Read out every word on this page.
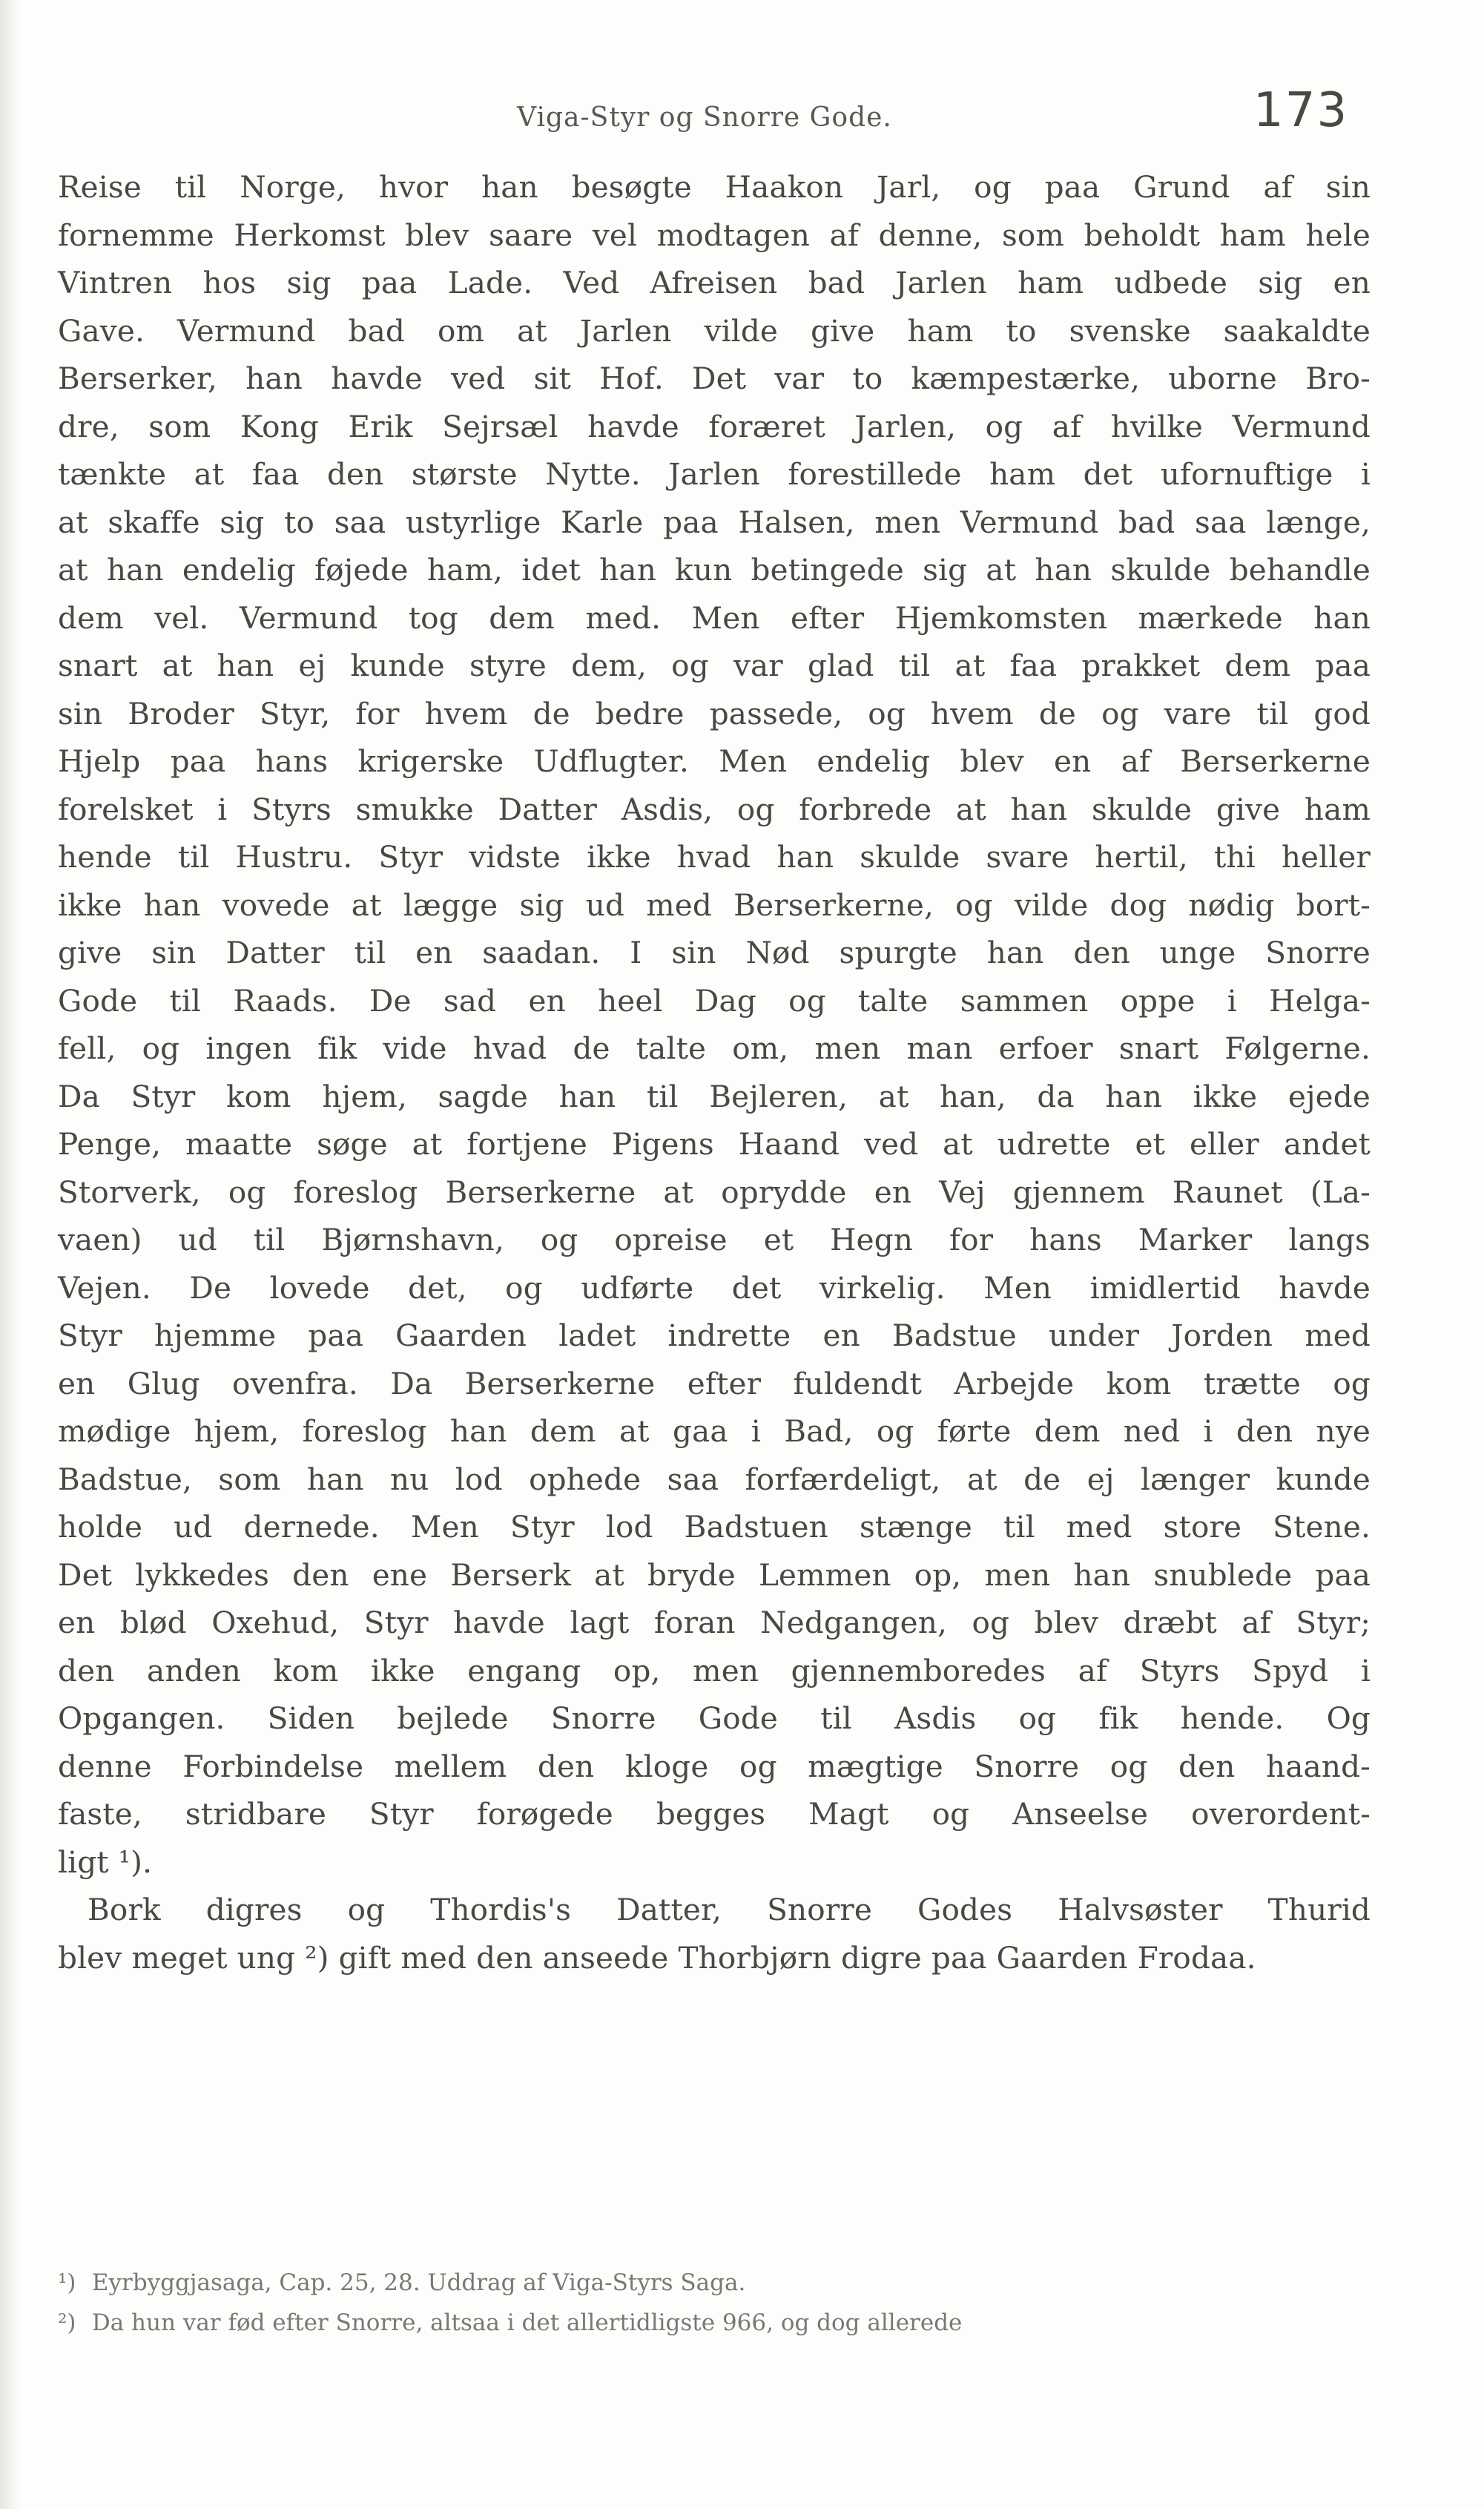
Viga-Styr og Snorre Gode.	173
Reise til Norge, hvor han besøgte Haakon Jarl, og paa Grund af sin
fornemme Herkomst blev saare vel modtagen af denne, som beholdt ham hele
Vintren hos sig paa Lade. Ved Afreisen bad Jarlen ham udbede sig en
Gave. Vermund bad om at Jarlen vilde give ham to svenske saakaldte
Berserker, han havde ved sit Hof. Det var to kæmpestærke, uborne Bro-
dre, som Kong Erik Sejrsæl havde foræret Jarlen, og af hvilke Vermund
tænkte at faa den største Nytte. Jarlen forestillede ham det ufornuftige i
at skaffe sig to saa ustyrlige Karle paa Halsen, men Vermund bad saa længe,
at han endelig føjede ham, idet han kun betingede sig at han skulde behandle
dem vel. Vermund tog dem med. Men efter Hjemkomsten mærkede han
snart at han ej kunde styre dem, og var glad til at faa prakket dem paa
sin Broder Styr, for hvem de bedre passede, og hvem de og vare til god
Hjelp paa hans krigerske Udflugter. Men endelig blev en af Berserkerne
forelsket i Styrs smukke Datter Asdis, og forbrede at han skulde give ham
hende til Hustru. Styr vidste ikke hvad han skulde svare hertil, thi heller
ikke han vovede at lægge sig ud med Berserkerne, og vilde dog nødig bort-
give sin Datter til en saadan. I sin Nød spurgte han den unge Snorre
Gode til Raads. De sad en heel Dag og talte sammen oppe i Helga-
fell, og ingen fik vide hvad de talte om, men man erfoer snart Følgerne.
Da Styr kom hjem, sagde han til Bejleren, at han, da han ikke ejede
Penge, maatte søge at fortjene Pigens Haand ved at udrette et eller andet
Storverk, og foreslog Berserkerne at oprydde en Vej gjennem Raunet (La-
vaen) ud til Bjørnshavn, og opreise et Hegn for hans Marker langs
Vejen. De lovede det, og udførte det virkelig. Men imidlertid havde
Styr hjemme paa Gaarden ladet indrette en Badstue under Jorden med
en Glug ovenfra. Da Berserkerne efter fuldendt Arbejde kom trætte og
mødige hjem, foreslog han dem at gaa i Bad, og førte dem ned i den nye
Badstue, som han nu lod ophede saa forfærdeligt, at de ej længer kunde
holde ud dernede. Men Styr lod Badstuen stænge til med store Stene.
Det lykkedes den ene Berserk at bryde Lemmen op, men han snublede paa
en blød Oxehud, Styr havde lagt foran Nedgangen, og blev dræbt af Styr;
den anden kom ikke engang op, men gjennemboredes af Styrs Spyd i
Opgangen. Siden bejlede Snorre Gode til Asdis og fik hende. Og
denne Forbindelse mellem den kloge og mægtige Snorre og den haand-
faste, stridbare Styr forøgede begges Magt og Anseelse overordent-
ligt ¹).
Bork digres og Thordis's Datter, Snorre Godes Halvsøster Thurid
blev meget ung ²) gift med den anseede Thorbjørn digre paa Gaarden Frodaa.
¹) Eyrbyggjasaga, Cap. 25, 28. Uddrag af Viga-Styrs Saga.
²) Da hun var fød efter Snorre, altsaa i det allertidligste 966, og dog allerede
